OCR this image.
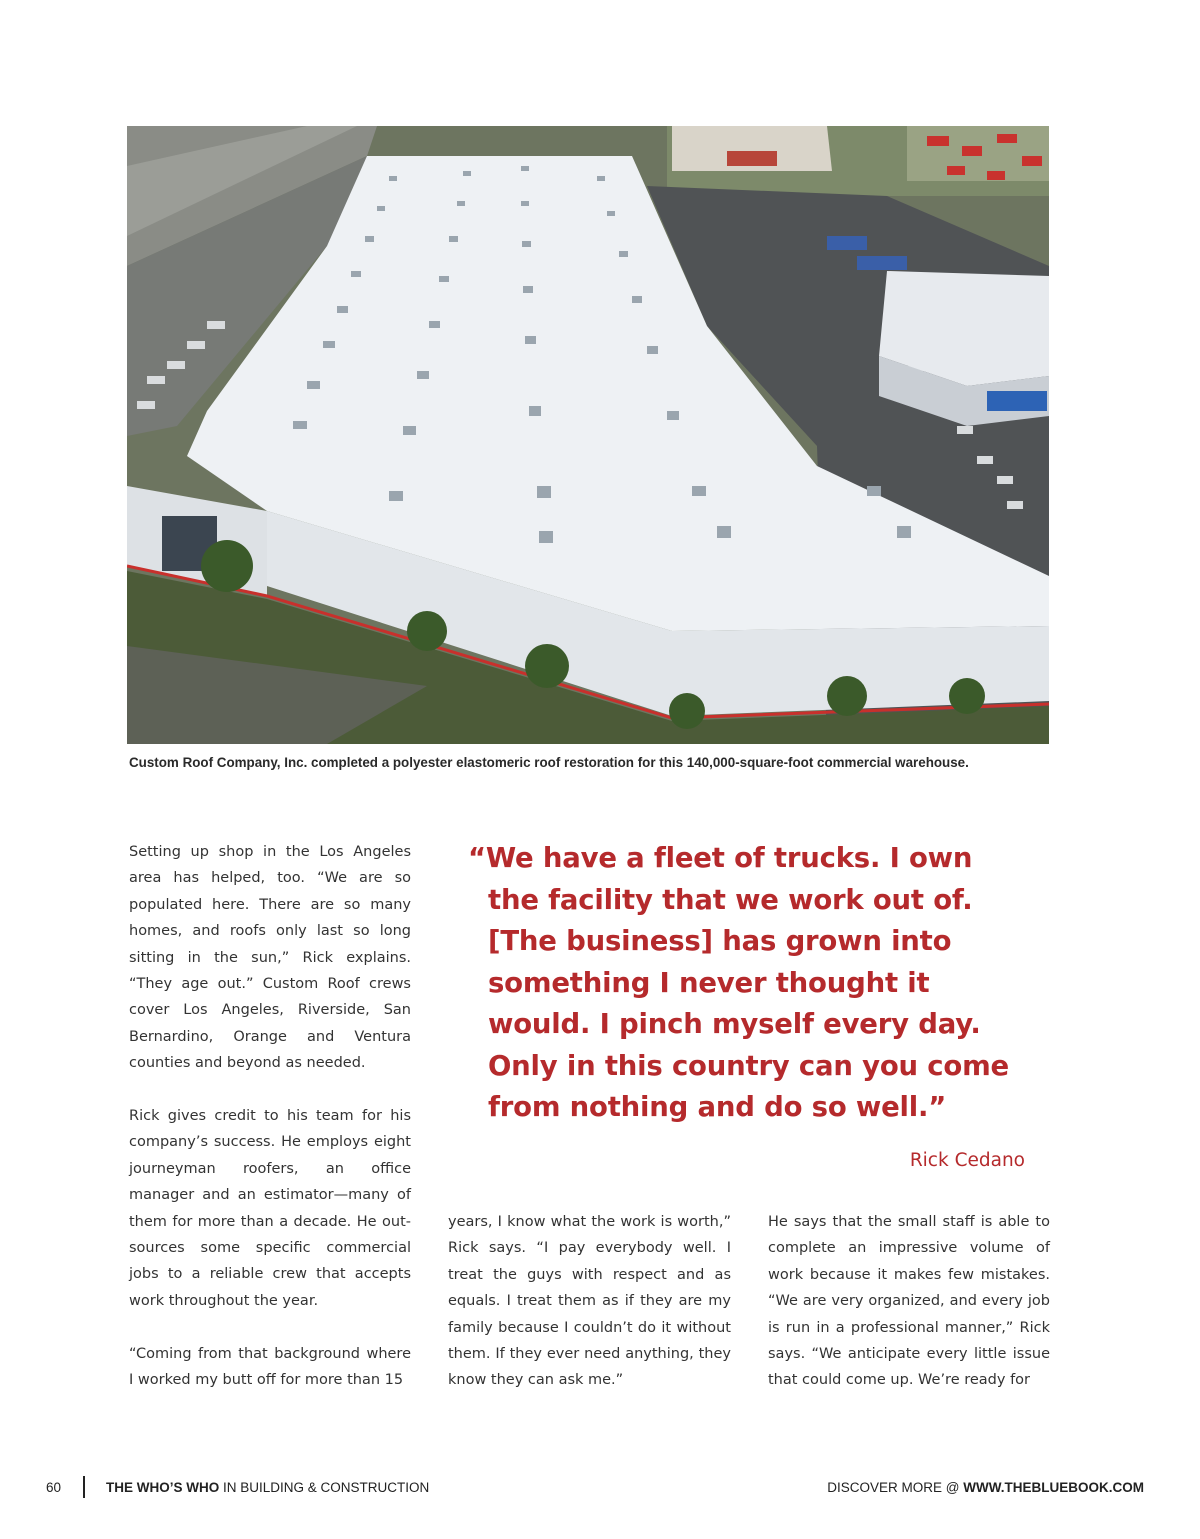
Custom Roof Company, Inc. completed a polyester elastomeric roof restoration for this 140,000-square-foot commercial warehouse.

Setting up shop in the Los Angeles area has helped, too. “We are so populated here. There are so many homes, and roofs only last so long sitting in the sun,” Rick explains. “They age out.” Custom Roof crews cover Los Angeles, Riverside, San Bernardino, Orange and Ventura counties and beyond as needed.

Rick gives credit to his team for his company’s success. He employs eight journeyman roofers, an office manager and an estimator—many of them for more than a decade. He out-sources some specific commercial jobs to a reliable crew that accepts work throughout the year.

“Coming from that background where I worked my butt off for more than 15

years, I know what the work is worth,” Rick says. “I pay everybody well. I treat the guys with respect and as equals. I treat them as if they are my family because I couldn’t do it without them. If they ever need anything, they know they can ask me.”

He says that the small staff is able to complete an impressive volume of work because it makes few mistakes. “We are very organized, and every job is run in a professional manner,” Rick says. “We anticipate every little issue that could come up. We’re ready for

“We have a fleet of trucks. I own
the facility that we work out of.
[The business] has grown into
something I never thought it
would. I pinch myself every day.
Only in this country can you come
from nothing and do so well.”
Rick Cedano
60	THE WHO’S WHO IN BUILDING & CONSTRUCTION	DISCOVER MORE @ WWW.THEBLUEBOOK.COM
